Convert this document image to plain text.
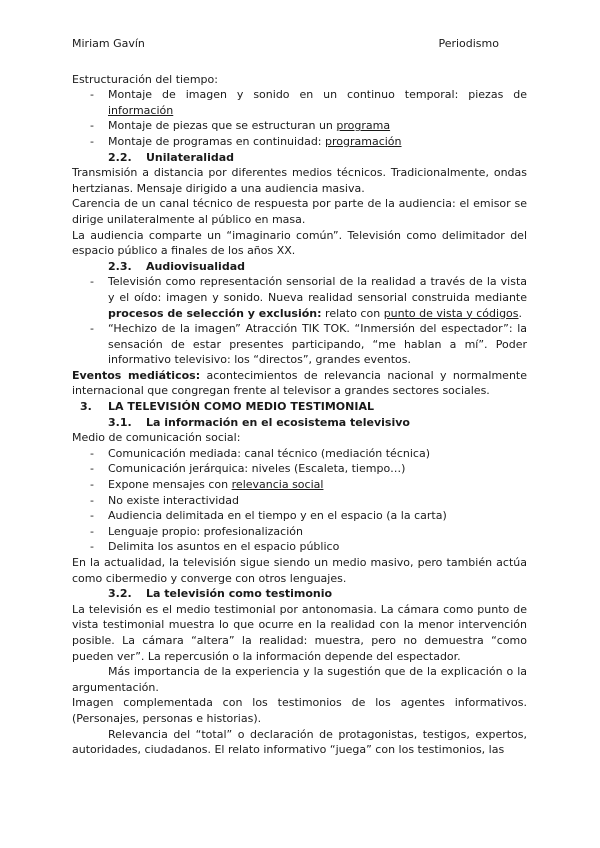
Miriam Gavín	Periodismo

Estructuración del tiempo:

- Montaje de imagen y sonido en un continuo temporal: piezas de información
- Montaje de piezas que se estructuran un programa
- Montaje de programas en continuidad: programación

2.2. Unilateralidad

Transmisión a distancia por diferentes medios técnicos. Tradicionalmente, ondas hertzianas. Mensaje dirigido a una audiencia masiva.

Carencia de un canal técnico de respuesta por parte de la audiencia: el emisor se dirige unilateralmente al público en masa.

La audiencia comparte un “imaginario común”. Televisión como delimitador del espacio público a finales de los años XX.

2.3. Audiovisualidad

- Televisión como representación sensorial de la realidad a través de la vista y el oído: imagen y sonido. Nueva realidad sensorial construida mediante procesos de selección y exclusión: relato con punto de vista y códigos.
- “Hechizo de la imagen” Atracción TIK TOK. “Inmersión del espectador”: la sensación de estar presentes participando, “me hablan a mí”. Poder informativo televisivo: los “directos”, grandes eventos.

Eventos mediáticos: acontecimientos de relevancia nacional y normalmente internacional que congregan frente al televisor a grandes sectores sociales.

3. LA TELEVISIÓN COMO MEDIO TESTIMONIAL

3.1. La información en el ecosistema televisivo

Medio de comunicación social:

- Comunicación mediada: canal técnico (mediación técnica)
- Comunicación jerárquica: niveles (Escaleta, tiempo…)
- Expone mensajes con relevancia social
- No existe interactividad
- Audiencia delimitada en el tiempo y en el espacio (a la carta)
- Lenguaje propio: profesionalización
- Delimita los asuntos en el espacio público

En la actualidad, la televisión sigue siendo un medio masivo, pero también actúa como cibermedio y converge con otros lenguajes.

3.2. La televisión como testimonio

La televisión es el medio testimonial por antonomasia. La cámara como punto de vista testimonial muestra lo que ocurre en la realidad con la menor intervención posible. La cámara “altera” la realidad: muestra, pero no demuestra “como pueden ver”. La repercusión o la información depende del espectador.

Más importancia de la experiencia y la sugestión que de la explicación o la argumentación.

Imagen complementada con los testimonios de los agentes informativos. (Personajes, personas e historias).

Relevancia del “total” o declaración de protagonistas, testigos, expertos, autoridades, ciudadanos. El relato informativo “juega” con los testimonios, las
